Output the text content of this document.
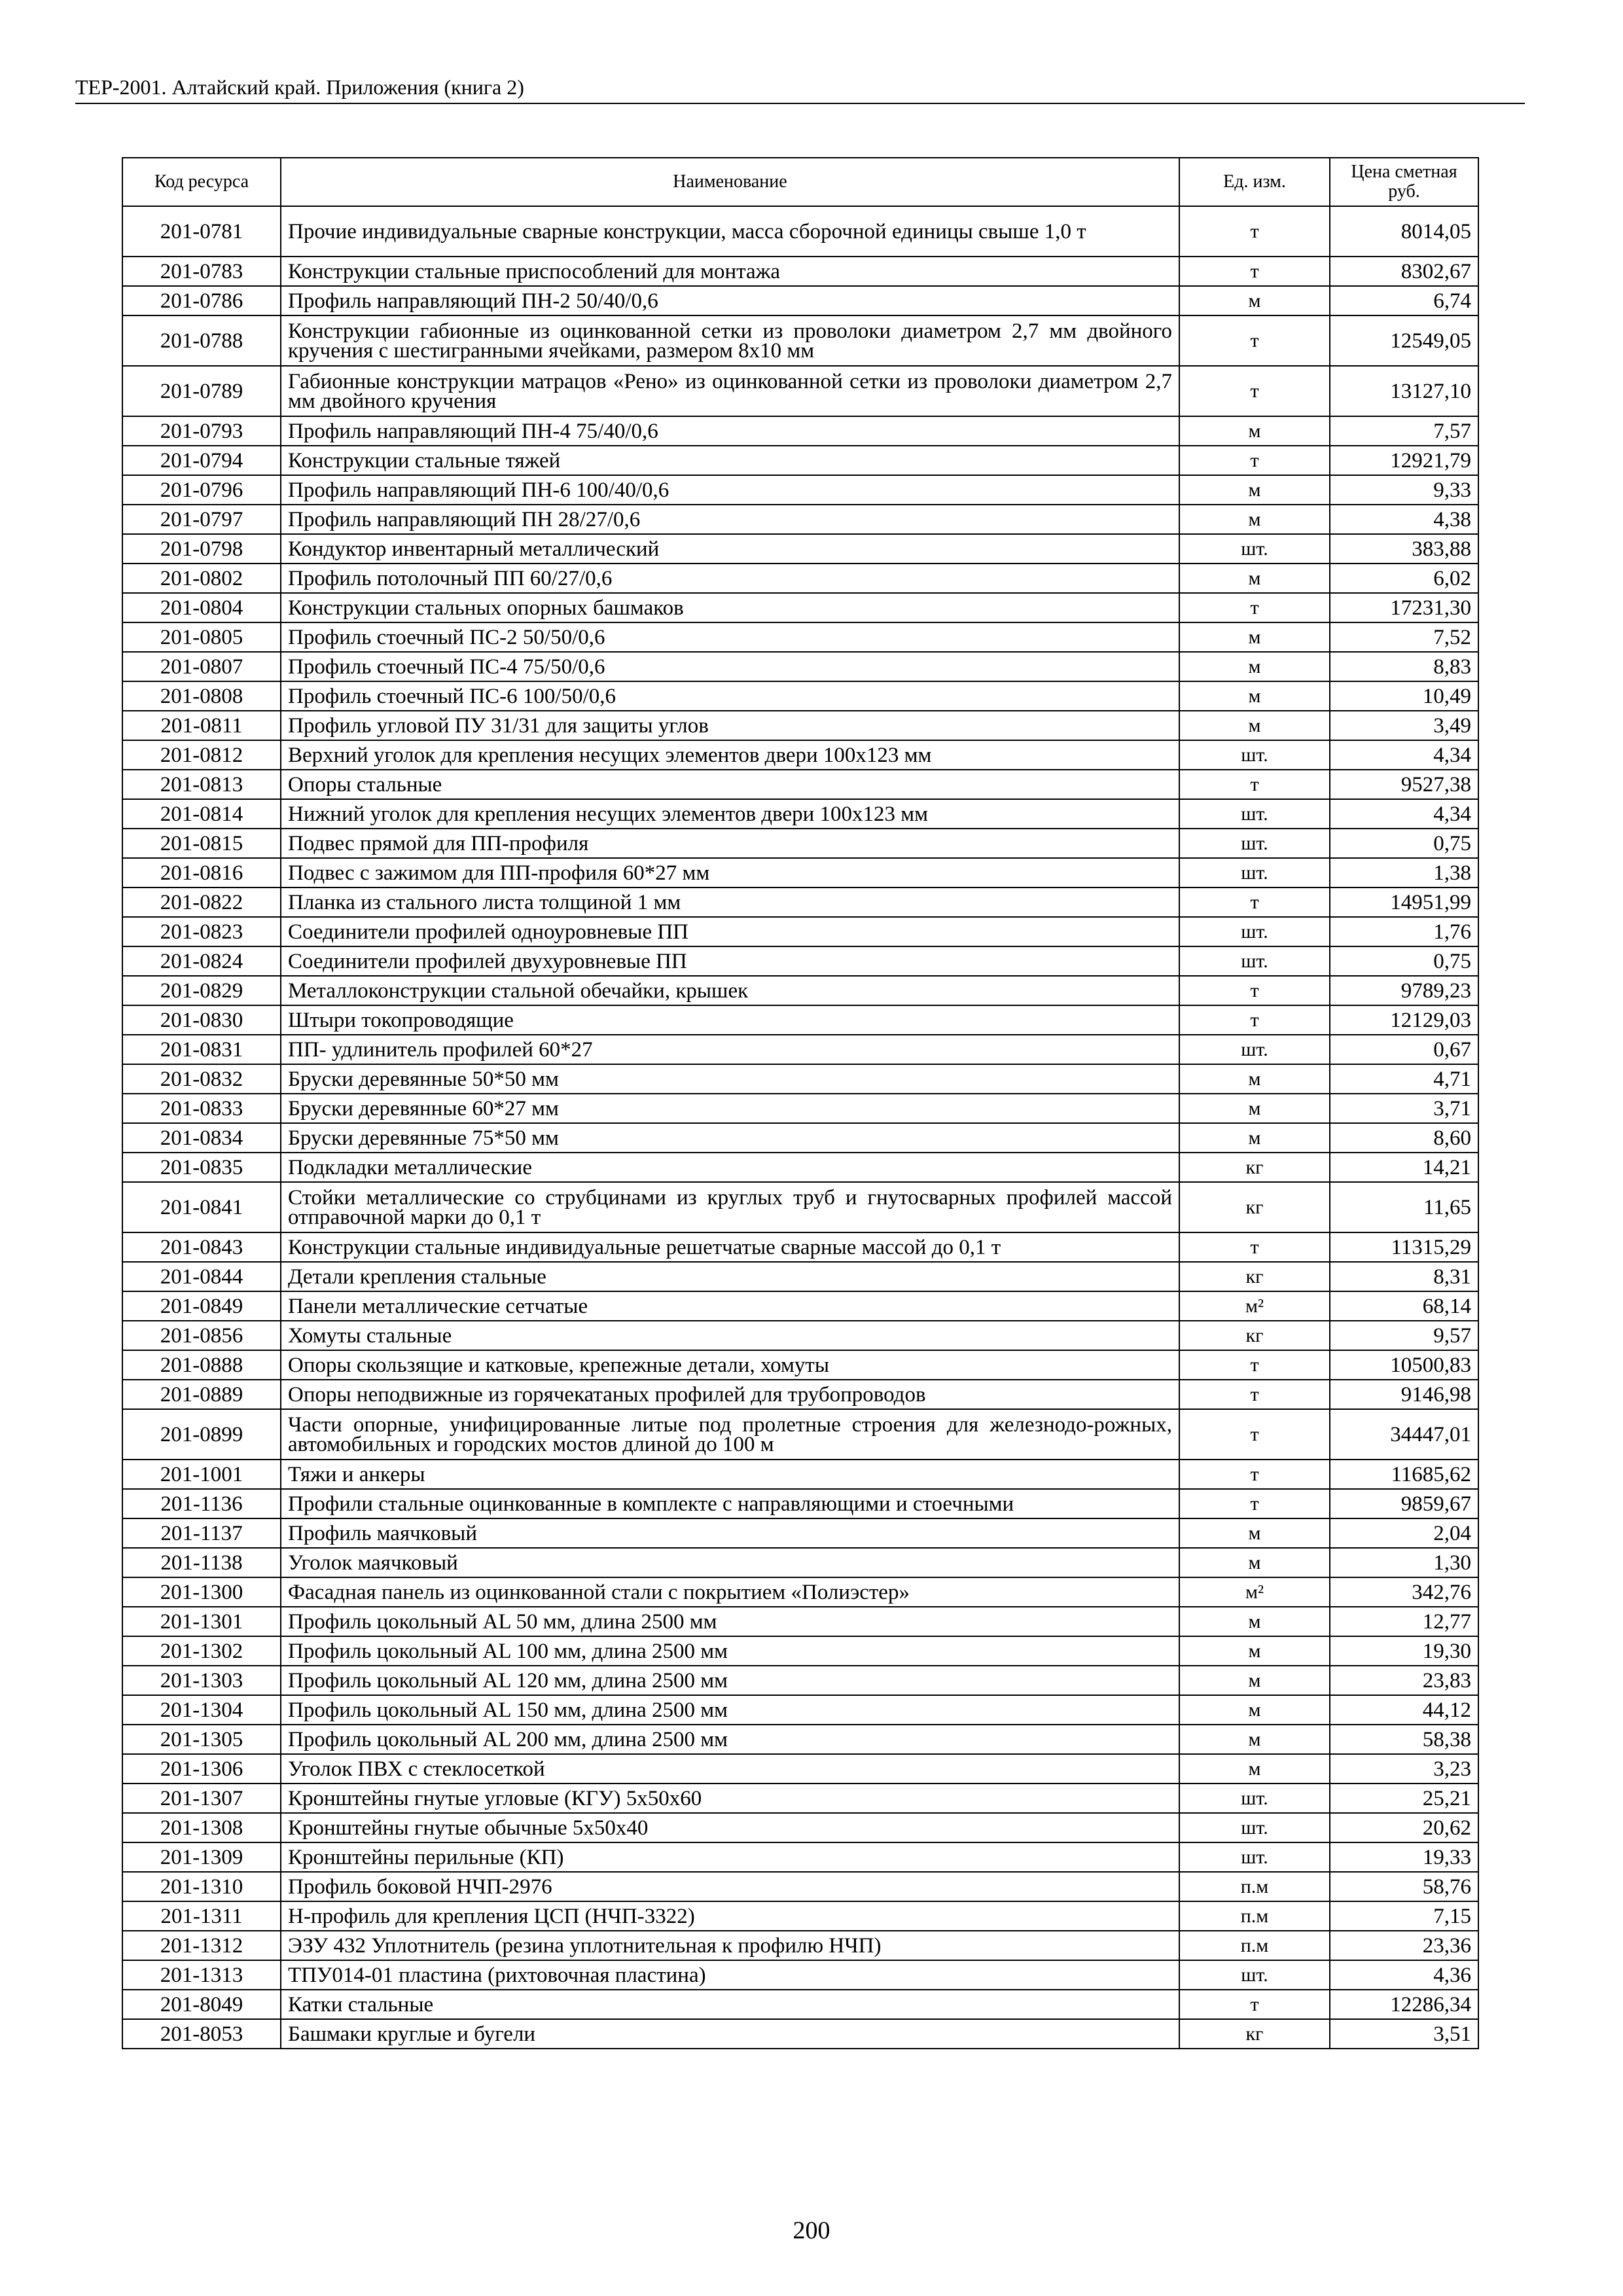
ТЕР-2001. Алтайский край. Приложения (книга 2)
Код ресурса	Наименование	Ед. изм.	Цена сметная руб.
201-0781	Прочие индивидуальные сварные конструкции, масса сборочной единицы свыше 1,0 т	т	8014,05
201-0783	Конструкции стальные приспособлений для монтажа	т	8302,67
201-0786	Профиль направляющий ПН-2 50/40/0,6	м	6,74
201-0788	Конструкции габионные из оцинкованной сетки из проволоки диаметром 2,7 мм двойного кручения с шестигранными ячейками, размером 8x10 мм	т	12549,05
201-0789	Габионные конструкции матрацов «Рено» из оцинкованной сетки из проволоки диаметром 2,7 мм двойного кручения	т	13127,10
201-0793	Профиль направляющий ПН-4 75/40/0,6	м	7,57
201-0794	Конструкции стальные тяжей	т	12921,79
201-0796	Профиль направляющий ПН-6 100/40/0,6	м	9,33
201-0797	Профиль направляющий ПН 28/27/0,6	м	4,38
201-0798	Кондуктор инвентарный металлический	шт.	383,88
201-0802	Профиль потолочный ПП 60/27/0,6	м	6,02
201-0804	Конструкции стальных опорных башмаков	т	17231,30
201-0805	Профиль стоечный ПС-2 50/50/0,6	м	7,52
201-0807	Профиль стоечный ПС-4 75/50/0,6	м	8,83
201-0808	Профиль стоечный ПС-6 100/50/0,6	м	10,49
201-0811	Профиль угловой ПУ 31/31 для защиты углов	м	3,49
201-0812	Верхний уголок для крепления несущих элементов двери 100x123 мм	шт.	4,34
201-0813	Опоры стальные	т	9527,38
201-0814	Нижний уголок для крепления несущих элементов двери 100x123 мм	шт.	4,34
201-0815	Подвес прямой для ПП-профиля	шт.	0,75
201-0816	Подвес с зажимом для ПП-профиля 60*27 мм	шт.	1,38
201-0822	Планка из стального листа толщиной 1 мм	т	14951,99
201-0823	Соединители профилей одноуровневые ПП	шт.	1,76
201-0824	Соединители профилей двухуровневые ПП	шт.	0,75
201-0829	Металлоконструкции стальной обечайки, крышек	т	9789,23
201-0830	Штыри токопроводящие	т	12129,03
201-0831	ПП- удлинитель профилей 60*27	шт.	0,67
201-0832	Бруски деревянные 50*50 мм	м	4,71
201-0833	Бруски деревянные 60*27 мм	м	3,71
201-0834	Бруски деревянные 75*50 мм	м	8,60
201-0835	Подкладки металлические	кг	14,21
201-0841	Стойки металлические со струбцинами из круглых труб и гнутосварных профилей массой отправочной марки до 0,1 т	кг	11,65
201-0843	Конструкции стальные индивидуальные решетчатые сварные массой до 0,1 т	т	11315,29
201-0844	Детали крепления стальные	кг	8,31
201-0849	Панели металлические сетчатые	м²	68,14
201-0856	Хомуты стальные	кг	9,57
201-0888	Опоры скользящие и катковые, крепежные детали, хомуты	т	10500,83
201-0889	Опоры неподвижные из горячекатаных профилей для трубопроводов	т	9146,98
201-0899	Части опорные, унифицированные литые под пролетные строения для железнодо-рожных, автомобильных и городских мостов длиной до 100 м	т	34447,01
201-1001	Тяжи и анкеры	т	11685,62
201-1136	Профили стальные оцинкованные в комплекте с направляющими и стоечными	т	9859,67
201-1137	Профиль маячковый	м	2,04
201-1138	Уголок маячковый	м	1,30
201-1300	Фасадная панель из оцинкованной стали с покрытием «Полиэстер»	м²	342,76
201-1301	Профиль цокольный AL 50 мм, длина 2500 мм	м	12,77
201-1302	Профиль цокольный AL 100 мм, длина 2500 мм	м	19,30
201-1303	Профиль цокольный AL 120 мм, длина 2500 мм	м	23,83
201-1304	Профиль цокольный AL 150 мм, длина 2500 мм	м	44,12
201-1305	Профиль цокольный AL 200 мм, длина 2500 мм	м	58,38
201-1306	Уголок ПВХ с стеклосеткой	м	3,23
201-1307	Кронштейны гнутые угловые (КГУ) 5x50x60	шт.	25,21
201-1308	Кронштейны гнутые обычные 5x50x40	шт.	20,62
201-1309	Кронштейны перильные (КП)	шт.	19,33
201-1310	Профиль боковой НЧП-2976	п.м	58,76
201-1311	Н-профиль для крепления ЦСП (НЧП-3322)	п.м	7,15
201-1312	ЭЗУ 432 Уплотнитель (резина уплотнительная к профилю НЧП)	п.м	23,36
201-1313	ТПУ014-01 пластина (рихтовочная пластина)	шт.	4,36
201-8049	Катки стальные	т	12286,34
201-8053	Башмаки круглые и бугели	кг	3,51
200
